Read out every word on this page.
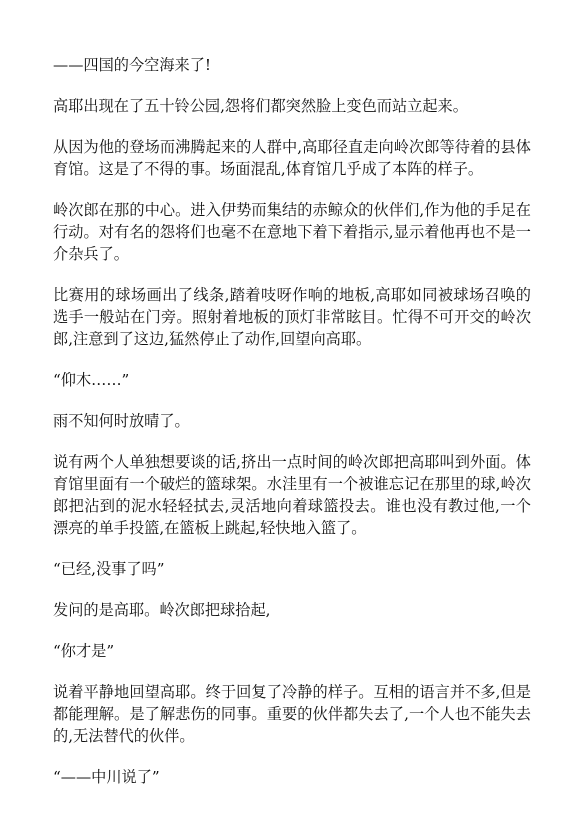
——四国的今空海来了!

高耶出现在了五十铃公园,怨将们都突然脸上变色而站立起来。

从因为他的登场而沸腾起来的人群中,高耶径直走向岭次郎等待着的县体育馆。这是了不得的事。场面混乱,体育馆几乎成了本阵的样子。

岭次郎在那的中心。进入伊势而集结的赤鲸众的伙伴们,作为他的手足在行动。对有名的怨将们也毫不在意地下着下着指示,显示着他再也不是一介杂兵了。

比赛用的球场画出了线条,踏着吱呀作响的地板,高耶如同被球场召唤的选手一般站在门旁。照射着地板的顶灯非常眩目。忙得不可开交的岭次郎,注意到了这边,猛然停止了动作,回望向高耶。

“仰木……”

雨不知何时放晴了。

说有两个人单独想要谈的话,挤出一点时间的岭次郎把高耶叫到外面。体育馆里面有一个破烂的篮球架。水洼里有一个被谁忘记在那里的球,岭次郎把沾到的泥水轻轻拭去,灵活地向着球篮投去。谁也没有教过他,一个漂亮的单手投篮,在篮板上跳起,轻快地入篮了。

“已经,没事了吗”

发问的是高耶。岭次郎把球拾起,

“你才是”

说着平静地回望高耶。终于回复了冷静的样子。互相的语言并不多,但是都能理解。是了解悲伤的同事。重要的伙伴都失去了,一个人也不能失去的,无法替代的伙伴。

“——中川说了”
